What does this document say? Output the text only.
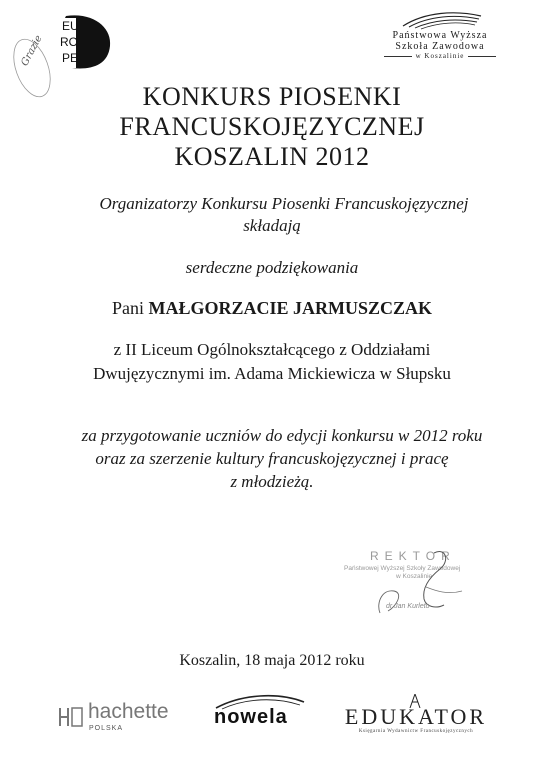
EU
RO
PE
Grazie	Państwowa Wyższa
Szkoła Zawodowa
w Koszalinie
KONKURS PIOSENKI
FRANCUSKOJĘZYCZNEJ
KOSZALIN 2012
Organizatorzy Konkursu Piosenki Francuskojęzycznej
składają
serdeczne podziękowania
Pani MAŁGORZACIE JARMUSZCZAK
z II Liceum Ogólnokształcącego z Oddziałami
Dwujęzycznymi im. Adama Mickiewicza w Słupsku
za przygotowanie uczniów do edycji konkursu w 2012 roku
oraz za szerzenie kultury francuskojęzycznej i pracę
z młodzieżą.
REKTOR
Państwowej Wyższej Szkoły Zawodowej
w Koszalinie
dr Jan Kurleto
Koszalin, 18 maja 2012 roku
hachette
POLSKA
nowela	EDUKATOR
Księgarnia Wydawnictw Francuskojęzycznych
